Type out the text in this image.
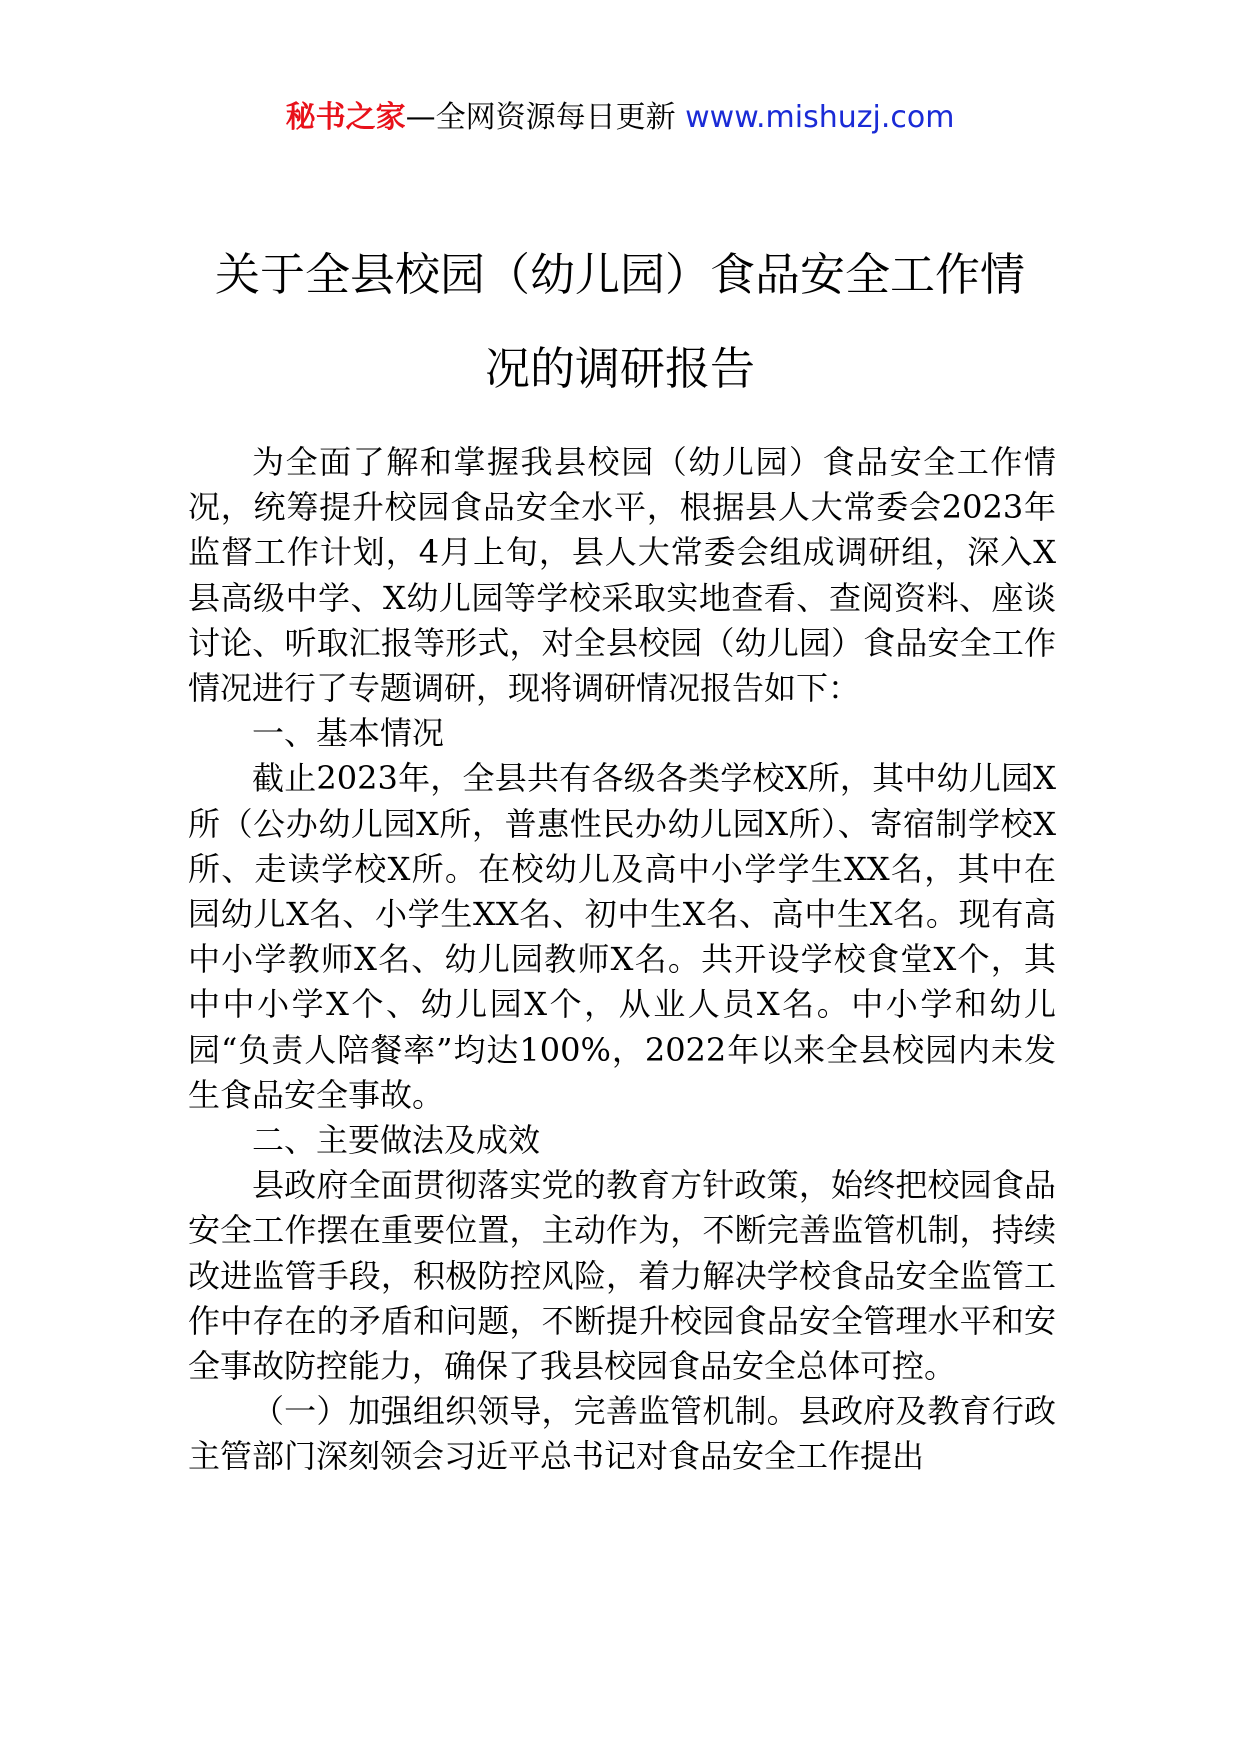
秘书之家—全网资源每日更新 www.mishuzj.com
关于全县校园（幼儿园）食品安全工作情
况的调研报告

为全面了解和掌握我县校园（幼儿园）食品安全工作情况，统筹提升校园食品安全水平，根据县人大常委会2023年监督工作计划，4月上旬，县人大常委会组成调研组，深入X县高级中学、X幼儿园等学校采取实地查看、查阅资料、座谈讨论、听取汇报等形式，对全县校园（幼儿园）食品安全工作情况进行了专题调研，现将调研情况报告如下：

一、基本情况

截止2023年，全县共有各级各类学校X所，其中幼儿园X所（公办幼儿园X所，普惠性民办幼儿园X所）、寄宿制学校X所、走读学校X所。在校幼儿及高中小学学生XX名，其中在园幼儿X名、小学生XX名、初中生X名、高中生X名。现有高中小学教师X名、幼儿园教师X名。共开设学校食堂X个，其中中小学X个、幼儿园X个，从业人员X名。中小学和幼儿园“负责人陪餐率”均达100%，2022年以来全县校园内未发生食品安全事故。

二、主要做法及成效

县政府全面贯彻落实党的教育方针政策，始终把校园食品安全工作摆在重要位置，主动作为，不断完善监管机制，持续改进监管手段，积极防控风险，着力解决学校食品安全监管工作中存在的矛盾和问题，不断提升校园食品安全管理水平和安全事故防控能力，确保了我县校园食品安全总体可控。

（一）加强组织领导，完善监管机制。县政府及教育行政主管部门深刻领会习近平总书记对食品安全工作提出
